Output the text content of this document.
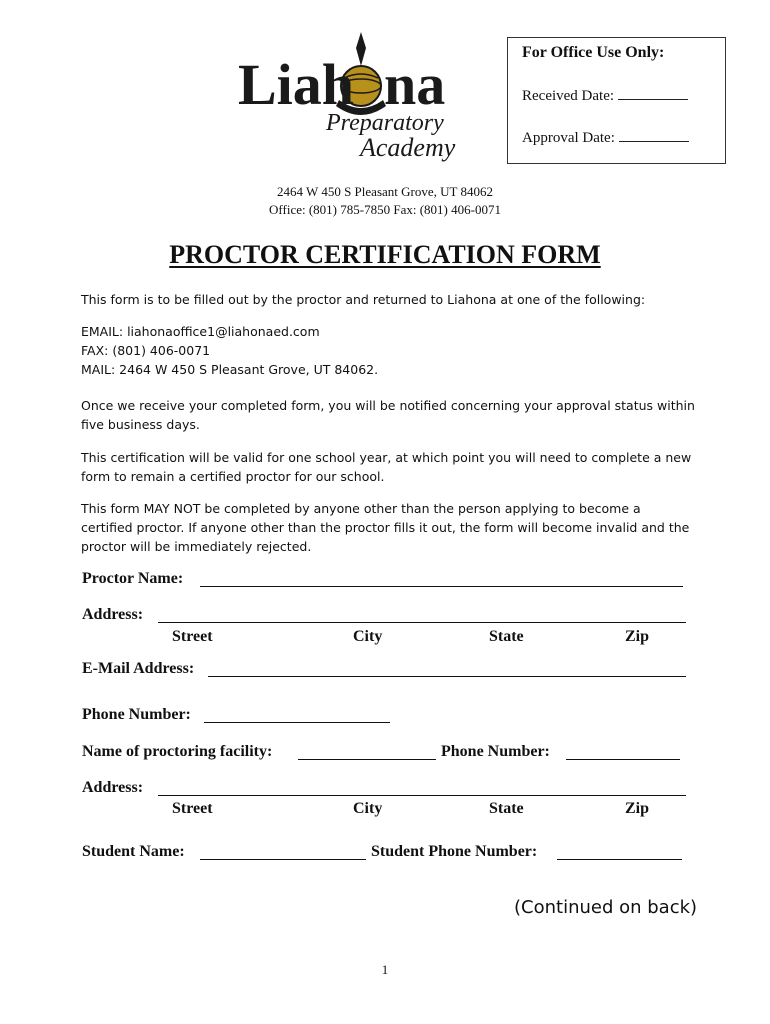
Liah na
Preparatory
Academy
For Office Use Only:
Received Date:
Approval Date:
2464 W 450 S Pleasant Grove, UT 84062
Office: (801) 785-7850 Fax: (801) 406-0071
PROCTOR CERTIFICATION FORM
This form is to be filled out by the proctor and returned to Liahona at one of the following:
EMAIL: liahonaoffice1@liahonaed.com
FAX: (801) 406-0071
MAIL: 2464 W 450 S Pleasant Grove, UT 84062.
Once we receive your completed form, you will be notified concerning your approval status within five business days.
This certification will be valid for one school year, at which point you will need to complete a new form to remain a certified proctor for our school.
This form MAY NOT be completed by anyone other than the person applying to become a certified proctor. If anyone other than the proctor fills it out, the form will become invalid and the proctor will be immediately rejected.
Proctor Name:
Address:
Street	City	State	Zip
E-Mail Address:
Phone Number:
Name of proctoring facility:	Phone Number:
Address:
Street	City	State	Zip
Student Name:	Student Phone Number:
(Continued on back)
1
